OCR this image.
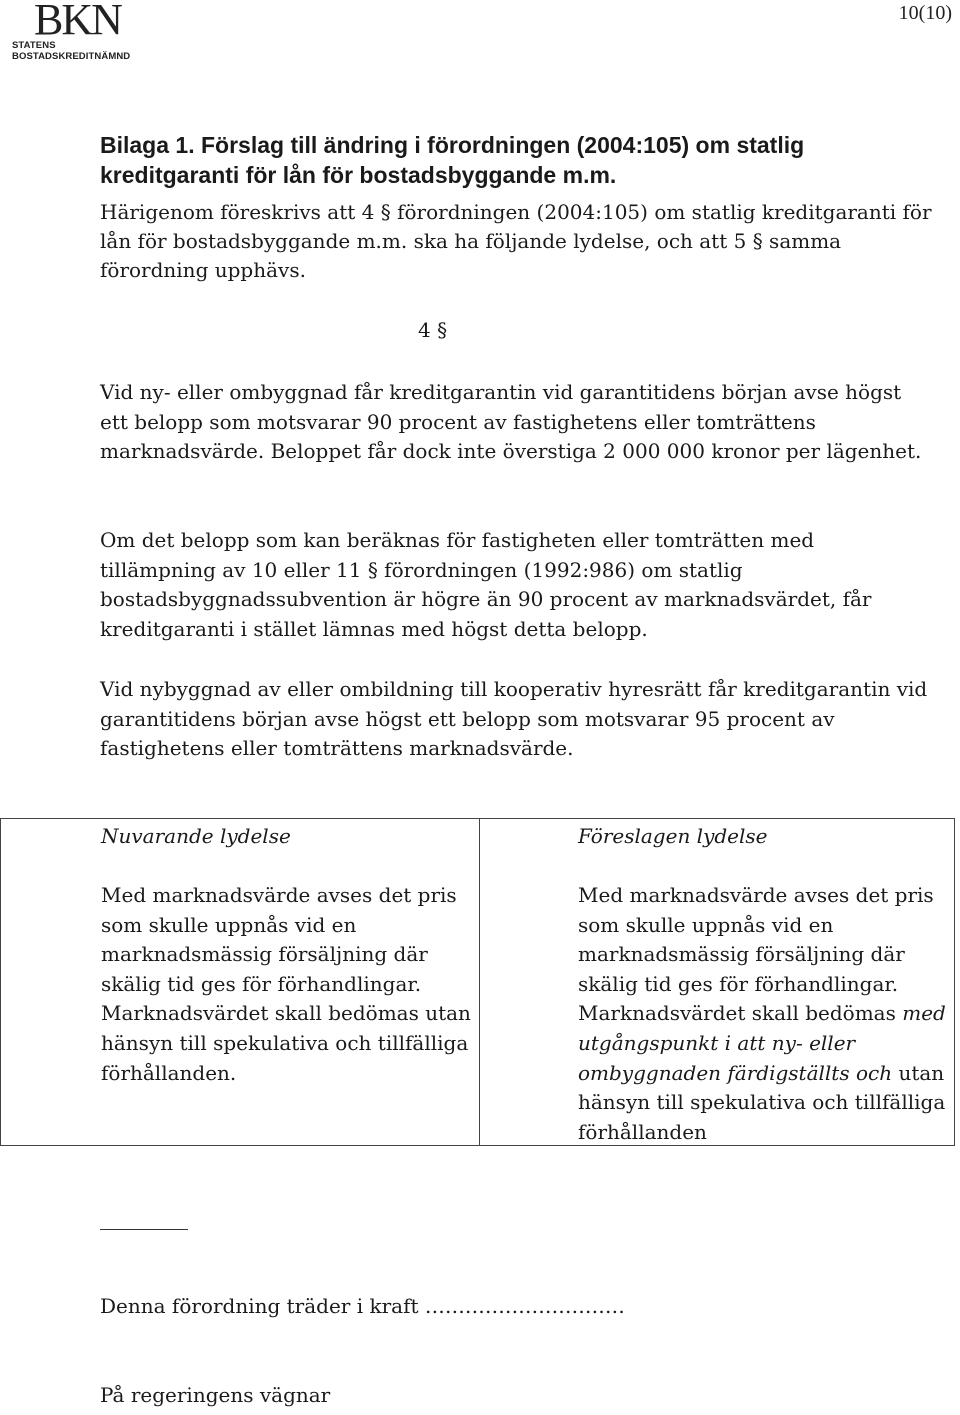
BKN
STATENS BOSTADSKREDITNÄMND
10(10)
Bilaga 1. Förslag till ändring i förordningen (2004:105) om statlig kreditgaranti för lån för bostadsbyggande m.m.
Härigenom föreskrivs att 4 § förordningen (2004:105) om statlig kreditgaranti för lån för bostadsbyggande m.m. ska ha följande lydelse, och att 5 § samma förordning upphävs.
4 §
Vid ny- eller ombyggnad får kreditgarantin vid garantitidens början avse högst ett belopp som motsvarar 90 procent av fastighetens eller tomträttens marknadsvärde. Beloppet får dock inte överstiga 2 000 000 kronor per lägenhet.
Om det belopp som kan beräknas för fastigheten eller tomträtten med tillämpning av 10 eller 11 § förordningen (1992:986) om statlig bostadsbyggnadssubvention är högre än 90 procent av marknadsvärdet, får kreditgaranti i stället lämnas med högst detta belopp.
Vid nybyggnad av eller ombildning till kooperativ hyresrätt får kreditgarantin vid garantitidens början avse högst ett belopp som motsvarar 95 procent av fastighetens eller tomträttens marknadsvärde.
Nuvarande lydelse

Med marknadsvärde avses det pris som skulle uppnås vid en marknadsmässig försäljning där skälig tid ges för förhandlingar. Marknadsvärdet skall bedömas utan hänsyn till spekulativa och tillfälliga förhållanden.

Föreslagen lydelse

Med marknadsvärde avses det pris som skulle uppnås vid en marknadsmässig försäljning där skälig tid ges för förhandlingar. Marknadsvärdet skall bedömas med utgångspunkt i att ny- eller ombyggnaden färdigställts och utan hänsyn till spekulativa och tillfälliga förhållanden

Denna förordning träder i kraft …………………………
På regeringens vägnar
